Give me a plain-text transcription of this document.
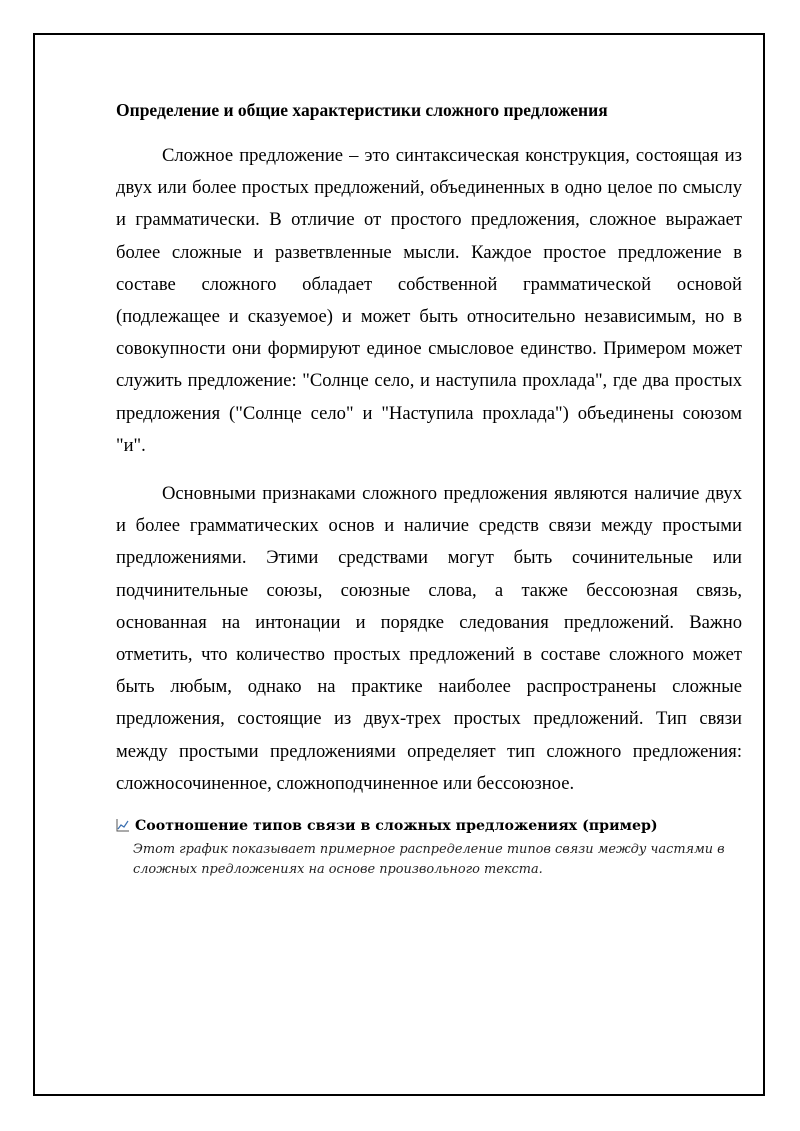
Определение и общие характеристики сложного предложения

Сложное предложение – это синтаксическая конструкция, состоящая из двух или более простых предложений, объединенных в одно целое по смыслу и грамматически. В отличие от простого предложения, сложное выражает более сложные и разветвленные мысли. Каждое простое предложение в составе сложного обладает собственной грамматической основой (подлежащее и сказуемое) и может быть относительно независимым, но в совокупности они формируют единое смысловое единство. Примером может служить предложение: "Солнце село, и наступила прохлада", где два простых предложения ("Солнце село" и "Наступила прохлада") объединены союзом "и".

Основными признаками сложного предложения являются наличие двух и более грамматических основ и наличие средств связи между простыми предложениями. Этими средствами могут быть сочинительные или подчинительные союзы, союзные слова, а также бессоюзная связь, основанная на интонации и порядке следования предложений. Важно отметить, что количество простых предложений в составе сложного может быть любым, однако на практике наиболее распространены сложные предложения, состоящие из двух-трех простых предложений. Тип связи между простыми предложениями определяет тип сложного предложения: сложносочиненное, сложноподчиненное или бессоюзное.

Соотношение типов связи в сложных предложениях (пример)
Этот график показывает примерное распределение типов связи между частями в сложных предложениях на основе произвольного текста.
